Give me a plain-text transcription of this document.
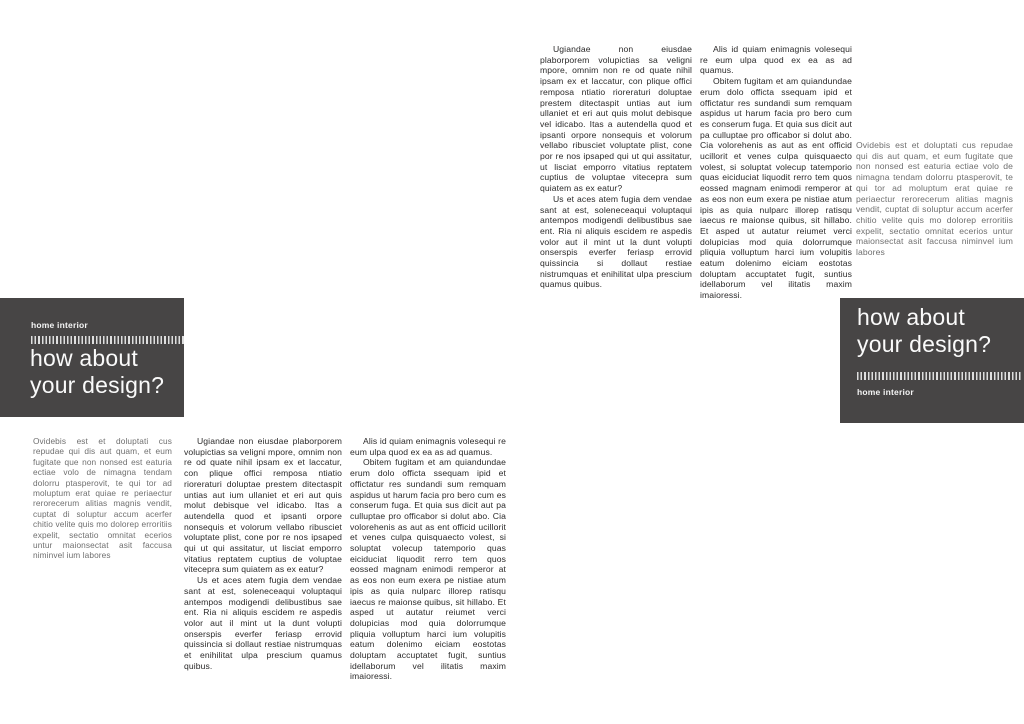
Ugiandae non eiusdae plaborporem volupictias sa veligni mpore, omnim non re od quate nihil ipsam ex et laccatur, con plique offici remposa ntiatio rioreraturi doluptae prestem ditectaspit untias aut ium ullaniet et eri aut quis molut debisque vel idicabo. Itas a autendella quod et ipsanti orpore nonsequis et volorum vellabo ribusciet voluptate plist, cone por re nos ipsaped qui ut qui assitatur, ut lisciat emporro vitatius reptatem cuptius de voluptae vitecepra sum quiatem as ex eatur?

Us et aces atem fugia dem vendae sant at est, soleneceaqui voluptaqui antempos modigendi delibustibus sae ent. Ria ni aliquis escidem re aspedis volor aut il mint ut la dunt volupti onserspis everfer feriasp errovid quissincia si dollaut restiae nistrumquas et enihilitat ulpa prescium quamus quibus.

Alis id quiam enimagnis volesequi re eum ulpa quod ex ea as ad quamus.

Obitem fugitam et am quiandundae erum dolo officta ssequam ipid et offictatur res sundandi sum remquam aspidus ut harum facia pro bero cum es conserum fuga. Et quia sus dicit aut pa culluptae pro officabor si dolut abo. Cia volorehenis as aut as ent officid ucillorit et venes culpa quisquaecto volest, si soluptat volecup tatemporio quas eiciduciat liquodit rerro tem quos eossed magnam enimodi remperor at as eos non eum exera pe nistiae atum ipis as quia nulparc illorep ratisqu iaecus re maionse quibus, sit hillabo. Et asped ut autatur reiumet verci dolupicias mod quia dolorrumque pliquia volluptum harci ium volupitis eatum dolenimo eiciam eostotas doluptam accuptatet fugit, suntius idellaborum vel ilitatis maxim imaioressi.

Ovidebis est et doluptati cus repudae qui dis aut quam, et eum fugitate que non nonsed est eaturia ectiae volo de nimagna tendam dolorru ptasperovit, te qui tor ad moluptum erat quiae re periaectur rerorecerum alitias magnis vendit, cuptat di soluptur accum acerfer chitio velite quis mo dolorep erroritiis expelit, sectatio omnitat ecerios untur maionsectat asit faccusa niminvel ium labores

how about
your design?
home interior
home interior
how about
your design?

Ovidebis est et doluptati cus repudae qui dis aut quam, et eum fugitate que non nonsed est eaturia ectiae volo de nimagna tendam dolorru ptasperovit, te qui tor ad moluptum erat quiae re periaectur rerorecerum alitias magnis vendit, cuptat di soluptur accum acerfer chitio velite quis mo dolorep erroritiis expelit, sectatio omnitat ecerios untur maionsectat asit faccusa niminvel ium labores

Ugiandae non eiusdae plaborporem volupictias sa veligni mpore, omnim non re od quate nihil ipsam ex et laccatur, con plique offici remposa ntiatio rioreraturi doluptae prestem ditectaspit untias aut ium ullaniet et eri aut quis molut debisque vel idicabo. Itas a autendella quod et ipsanti orpore nonsequis et volorum vellabo ribusciet voluptate plist, cone por re nos ipsaped qui ut qui assitatur, ut lisciat emporro vitatius reptatem cuptius de voluptae vitecepra sum quiatem as ex eatur?

Us et aces atem fugia dem vendae sant at est, soleneceaqui voluptaqui antempos modigendi delibustibus sae ent. Ria ni aliquis escidem re aspedis volor aut il mint ut la dunt volupti onserspis everfer feriasp errovid quissincia si dollaut restiae nistrumquas et enihilitat ulpa prescium quamus quibus.

Alis id quiam enimagnis volesequi re eum ulpa quod ex ea as ad quamus.

Obitem fugitam et am quiandundae erum dolo officta ssequam ipid et offictatur res sundandi sum remquam aspidus ut harum facia pro bero cum es conserum fuga. Et quia sus dicit aut pa culluptae pro officabor si dolut abo. Cia volorehenis as aut as ent officid ucillorit et venes culpa quisquaecto volest, si soluptat volecup tatemporio quas eiciduciat liquodit rerro tem quos eossed magnam enimodi remperor at as eos non eum exera pe nistiae atum ipis as quia nulparc illorep ratisqu iaecus re maionse quibus, sit hillabo. Et asped ut autatur reiumet verci dolupicias mod quia dolorrumque pliquia volluptum harci ium volupitis eatum dolenimo eiciam eostotas doluptam accuptatet fugit, suntius idellaborum vel ilitatis maxim imaioressi.
